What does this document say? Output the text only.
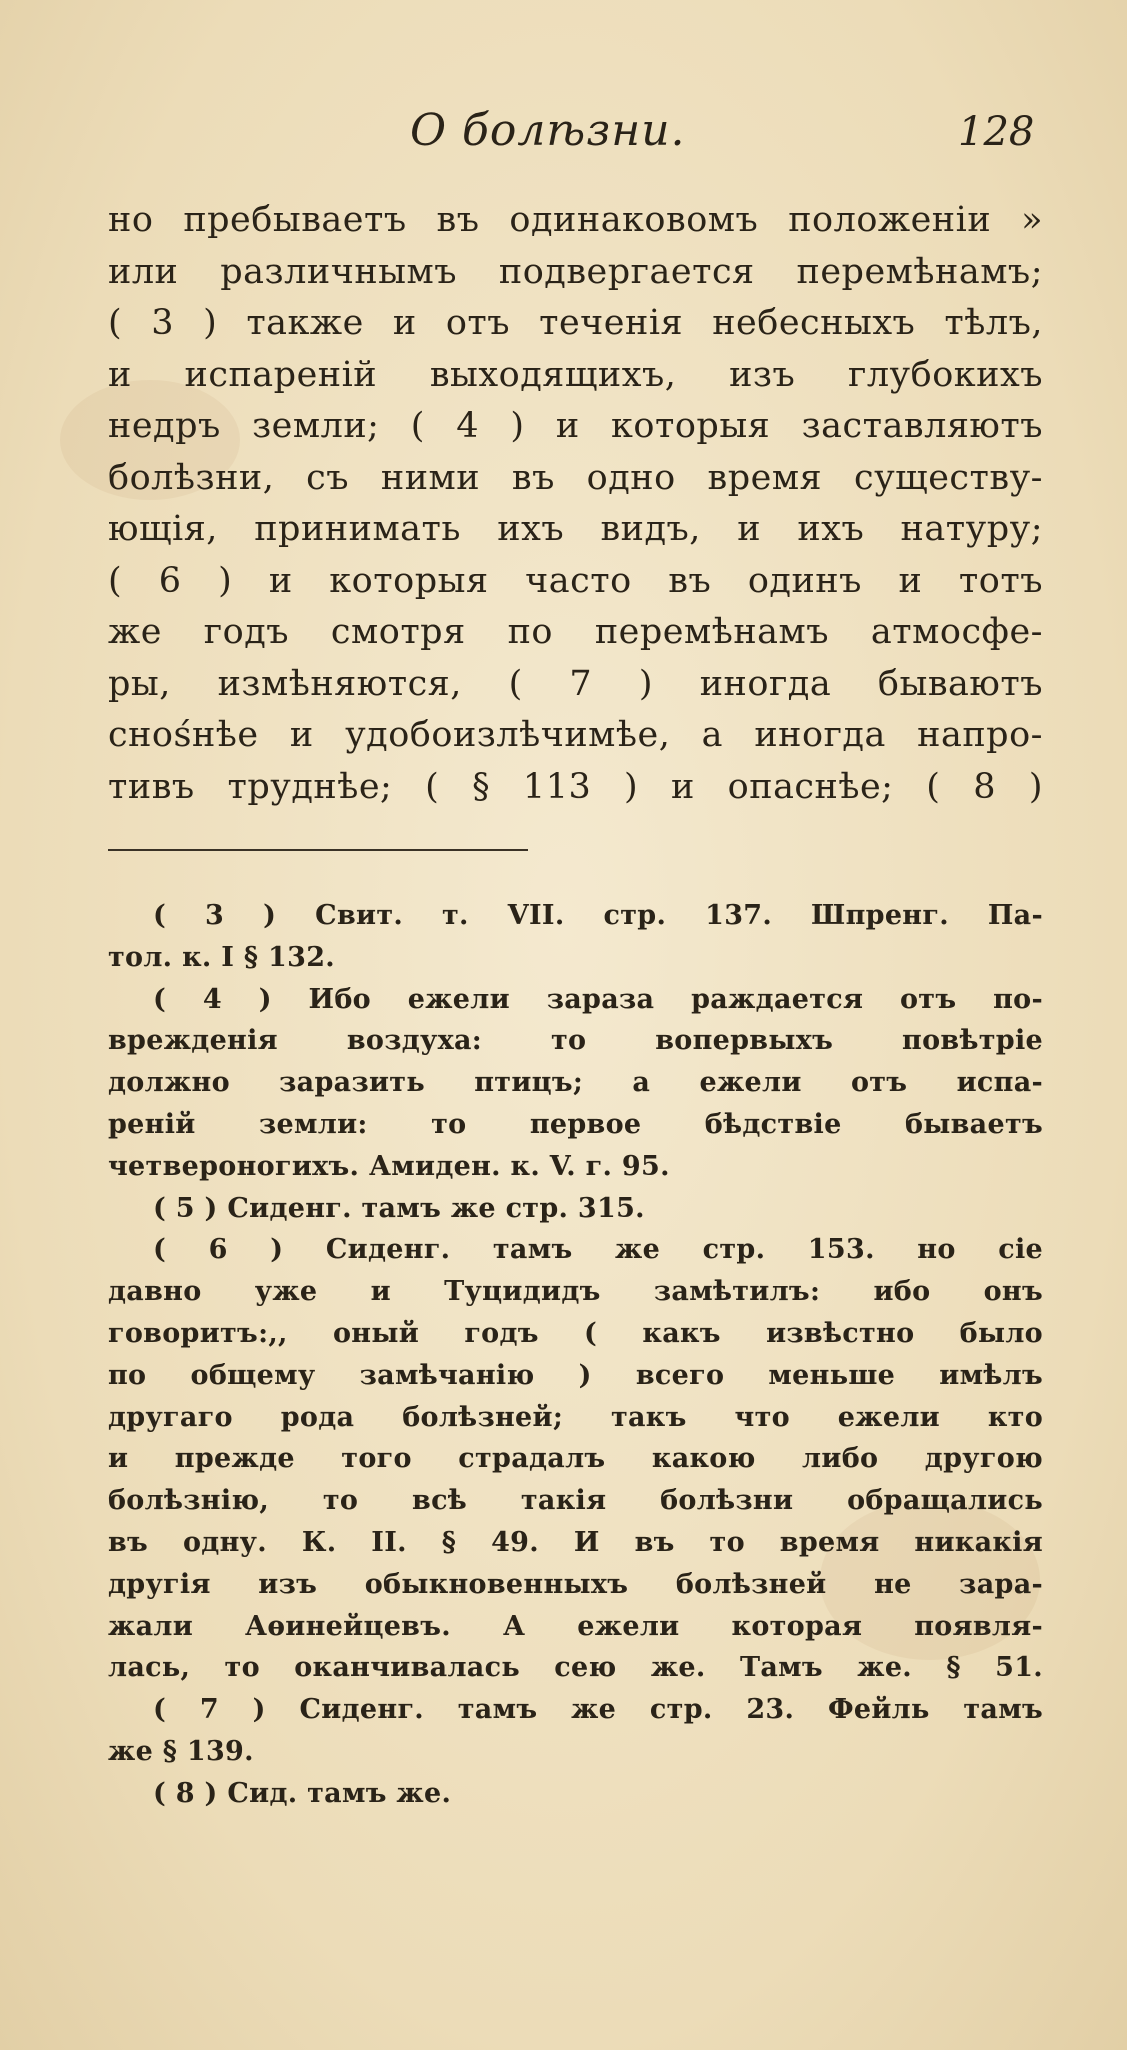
О болѣзни.	128
но пребываетъ въ одинаковомъ положеніи »
или различнымъ подвергается перемѣнамъ;
( 3 ) также и отъ теченія небесныхъ тѣлъ,
и испареній выходящихъ, изъ глубокихъ
недръ земли; ( 4 ) и которыя заставляютъ
болѣзни, съ ними въ одно время существу-
ющія, принимать ихъ видъ, и ихъ натуру;
( 6 ) и которыя часто въ одинъ и тотъ
же годъ смотря по перемѣнамъ атмосфе-
ры, измѣняются, ( 7 ) иногда бываютъ
снośнѣе и удобоизлѣчимѣе, а иногда напро-
тивъ труднѣе; ( § 113 ) и опаснѣе; ( 8 )
( 3 ) Свит. т. VII. стр. 137. Шпренг. Па-
тол. к. I § 132.
( 4 ) Ибо ежели зараза раждается отъ по-
врежденія воздуха: то вопервыхъ повѣтріе
должно заразить птицъ; а ежели отъ испа-
реній земли: то первое бѣдствіе бываетъ
четвероногихъ. Амиден. к. V. г. 95.
( 5 ) Сиденг. тамъ же стр. 315.
( 6 ) Сиденг. тамъ же стр. 153. но сіе
давно уже и Туцидидъ замѣтилъ: ибо онъ
говоритъ:,, оный годъ ( какъ извѣстно было
по общему замѣчанію ) всего меньше имѣлъ
другаго рода болѣзней; такъ что ежели кто
и прежде того страдалъ какою либо другою
болѣзнію, то всѣ такія болѣзни обращались
въ одну. К. II. § 49. И въ то время никакія
другія изъ обыкновенныхъ болѣзней не зара-
жали Аѳинейцевъ. А ежели которая появля-
лась, то оканчивалась сею же. Тамъ же. § 51.
( 7 ) Сиденг. тамъ же стр. 23. Фейль тамъ
же § 139.
( 8 ) Сид. тамъ же.
